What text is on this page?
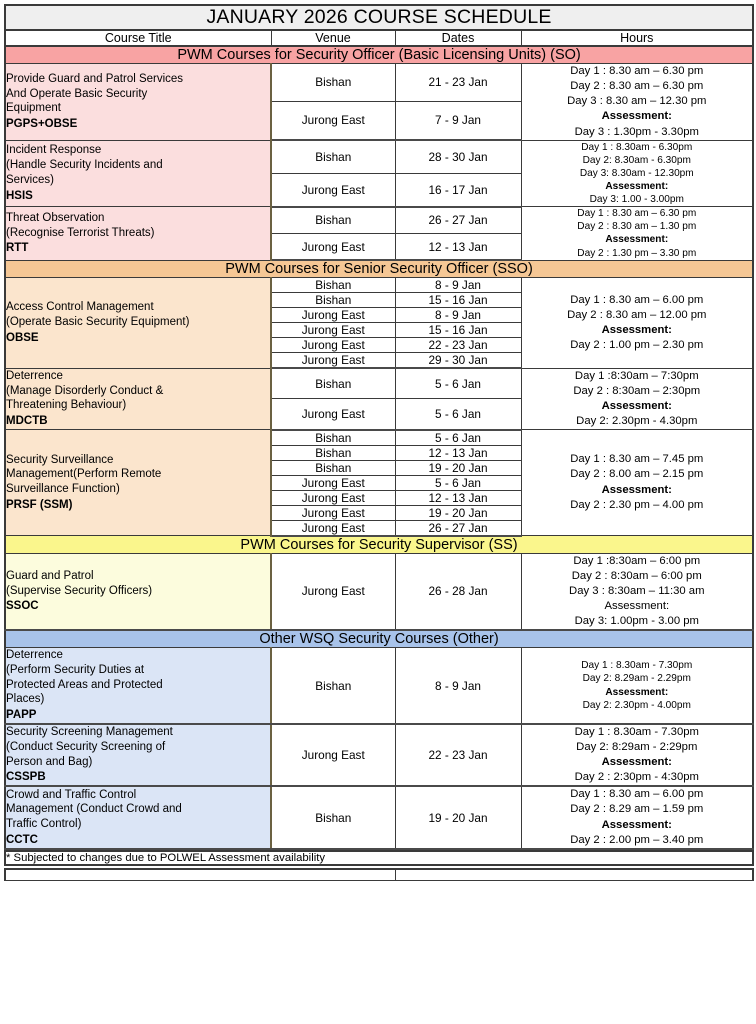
JANUARY 2026 COURSE SCHEDULE			
Course Title	Venue	Dates	Hours
PWM Courses for Security Officer (Basic Licensing Units) (SO)			

Provide Guard and Patrol Services
And Operate Basic Security
Equipment
PGPS+OBSE	Bishan	21 - 23 Jan	Day 1 : 8.30 am – 6.30 pm
Day 2 : 8.30 am – 6.30 pm
Day 3 : 8.30 am – 12.30 pm
Assessment:
Day 3 : 1.30pm - 3.30pm

	Jurong East	7 - 9 Jan	

Incident Response
(Handle Security Incidents and
Services)
HSIS	Bishan	28 - 30 Jan	Day 1 : 8.30am - 6.30pm
Day 2: 8.30am - 6.30pm
Day 3: 8.30am - 12.30pm
Assessment:
Day 3: 1.00 - 3.00pm

	Jurong East	16 - 17 Jan	

Threat Observation
(Recognise Terrorist Threats)
RTT	Bishan	26 - 27 Jan	Day 1 : 8.30 am – 6.30 pm
Day 2 : 8.30 am – 1.30 pm
Assessment:
Day 2 : 1.30 pm – 3.30 pm

	Jurong East	12 - 13 Jan	
PWM Courses for Senior Security Officer (SSO)			

Access Control Management
(Operate Basic Security Equipment)
OBSE	Bishan	8 - 9 Jan	Day 1 : 8.30 am – 6.00 pm
Day 2 : 8.30 am – 12.00 pm
Assessment:
Day 2 : 1.00 pm – 2.30 pm

	Bishan	15 - 16 Jan	
	Jurong East	8 - 9 Jan	
	Jurong East	15 - 16 Jan	
	Jurong East	22 - 23 Jan	
	Jurong East	29 - 30 Jan	

Deterrence
(Manage Disorderly Conduct &
Threatening Behaviour)
MDCTB	Bishan	5 - 6 Jan	Day 1 :8:30am – 7:30pm
Day 2 : 8:30am – 2:30pm
Assessment:
Day 2: 2.30pm - 4.30pm

	Jurong East	5 - 6 Jan	

Security Surveillance
Management(Perform Remote
Surveillance Function)
PRSF (SSM)	Bishan	5 - 6 Jan	Day 1 : 8.30 am – 7.45 pm
Day 2 : 8.00 am – 2.15 pm
Assessment:
Day 2 : 2.30 pm – 4.00 pm

	Bishan	12 - 13 Jan	
	Bishan	19 - 20 Jan	
	Jurong East	5 - 6 Jan	
	Jurong East	12 - 13 Jan	
	Jurong East	19 - 20 Jan	
	Jurong East	26 - 27 Jan	
PWM Courses for Security Supervisor (SS)			

Guard and Patrol
(Supervise Security Officers)
SSOC	Jurong East	26 - 28 Jan	Day 1 :8:30am – 6:00 pm
Day 2 : 8:30am – 6:00 pm
Day 3 : 8:30am – 11:30 am
Assessment:
Day 3: 1.00pm - 3.00 pm

Other WSQ Security Courses (Other)			

Deterrence
(Perform Security Duties at
Protected Areas and Protected
Places)
PAPP	Bishan	8 - 9 Jan	Day 1 : 8.30am - 7.30pm
Day 2: 8.29am - 2.29pm
Assessment:
Day 2: 2.30pm - 4.00pm

Security Screening Management
(Conduct Security Screening of
Person and Bag)
CSSPB	Jurong East	22 - 23 Jan	Day 1 : 8.30am - 7.30pm
Day 2: 8:29am - 2:29pm
Assessment:
Day 2 : 2:30pm - 4:30pm

Crowd and Traffic Control
Management (Conduct Crowd and
Traffic Control)
CCTC	Bishan	19 - 20 Jan	Day 1 : 8.30 am – 6.00 pm
Day 2 : 8.29 am – 1.59 pm
Assessment:
Day 2 : 2.00 pm – 3.40 pm
* Subjected to changes due to POLWEL Assessment availability
